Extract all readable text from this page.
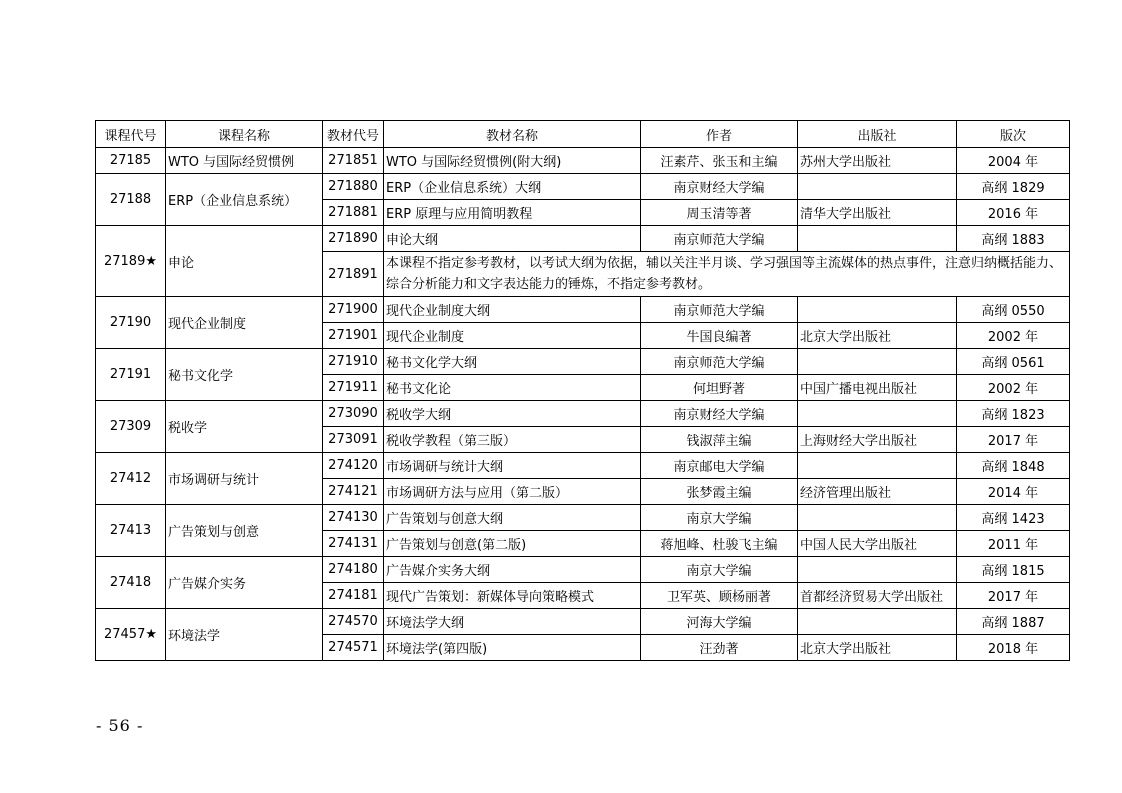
课程代号	课程名称	教材代号	教材名称	作者	出版社	版次
27185	WTO 与国际经贸惯例	271851	WTO 与国际经贸惯例(附大纲)	汪素芹、张玉和主编	苏州大学出版社	2004 年
27188	ERP（企业信息系统）	271880	ERP（企业信息系统）大纲	南京财经大学编		高纲 1829
		271881	ERP 原理与应用简明教程	周玉清等著	清华大学出版社	2016 年
27189★	申论	271890	申论大纲	南京师范大学编		高纲 1883
		271891	本课程不指定参考教材，以考试大纲为依据，辅以关注半月谈、学习强国等主流媒体的热点事件，注意归纳概括能力、综合分析能力和文字表达能力的锤炼，不指定参考教材。			
27190	现代企业制度	271900	现代企业制度大纲	南京师范大学编		高纲 0550
		271901	现代企业制度	牛国良编著	北京大学出版社	2002 年
27191	秘书文化学	271910	秘书文化学大纲	南京师范大学编		高纲 0561
		271911	秘书文化论	何坦野著	中国广播电视出版社	2002 年
27309	税收学	273090	税收学大纲	南京财经大学编		高纲 1823
		273091	税收学教程（第三版）	钱淑萍主编	上海财经大学出版社	2017 年
27412	市场调研与统计	274120	市场调研与统计大纲	南京邮电大学编		高纲 1848
		274121	市场调研方法与应用（第二版）	张梦霞主编	经济管理出版社	2014 年
27413	广告策划与创意	274130	广告策划与创意大纲	南京大学编		高纲 1423
		274131	广告策划与创意(第二版)	蒋旭峰、杜骏飞主编	中国人民大学出版社	2011 年
27418	广告媒介实务	274180	广告媒介实务大纲	南京大学编		高纲 1815
		274181	现代广告策划：新媒体导向策略模式	卫军英、顾杨丽著	首都经济贸易大学出版社	2017 年
27457★	环境法学	274570	环境法学大纲	河海大学编		高纲 1887
		274571	环境法学(第四版)	汪劲著	北京大学出版社	2018 年
- 56 -
